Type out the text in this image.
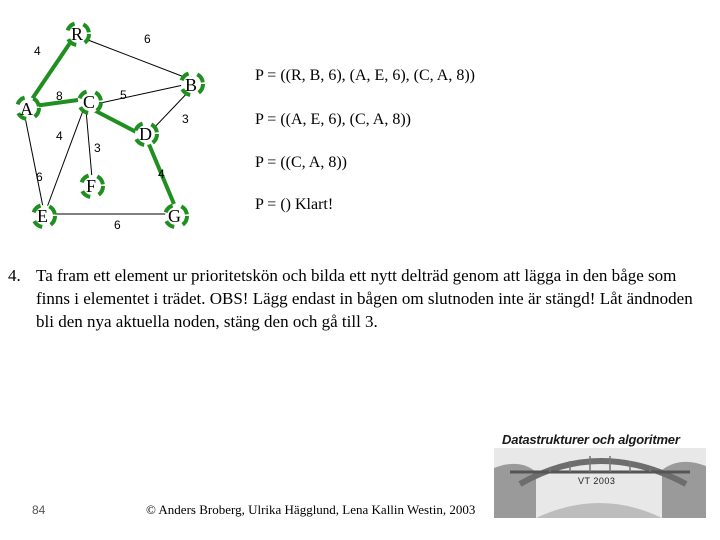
R
B
A	C
D
F
E	G
4
6
8	5
3
3
4
6	4
6
P = ((R, B, 6), (A, E, 6), (C, A, 8))
P = ((A, E, 6), (C, A, 8))
P = ((C, A, 8))
P = () Klart!
4. Ta fram ett element ur prioritetskön och bilda ett nytt delträd genom att lägga in den båge som finns i elementet i trädet. OBS! Lägg endast in bågen om slutnoden inte är stängd! Låt ändnoden bli den nya aktuella noden, stäng den och gå till 3.
Datastrukturer och algoritmer
VT 2003
84	© Anders Broberg, Ulrika Hägglund, Lena Kallin Westin, 2003
